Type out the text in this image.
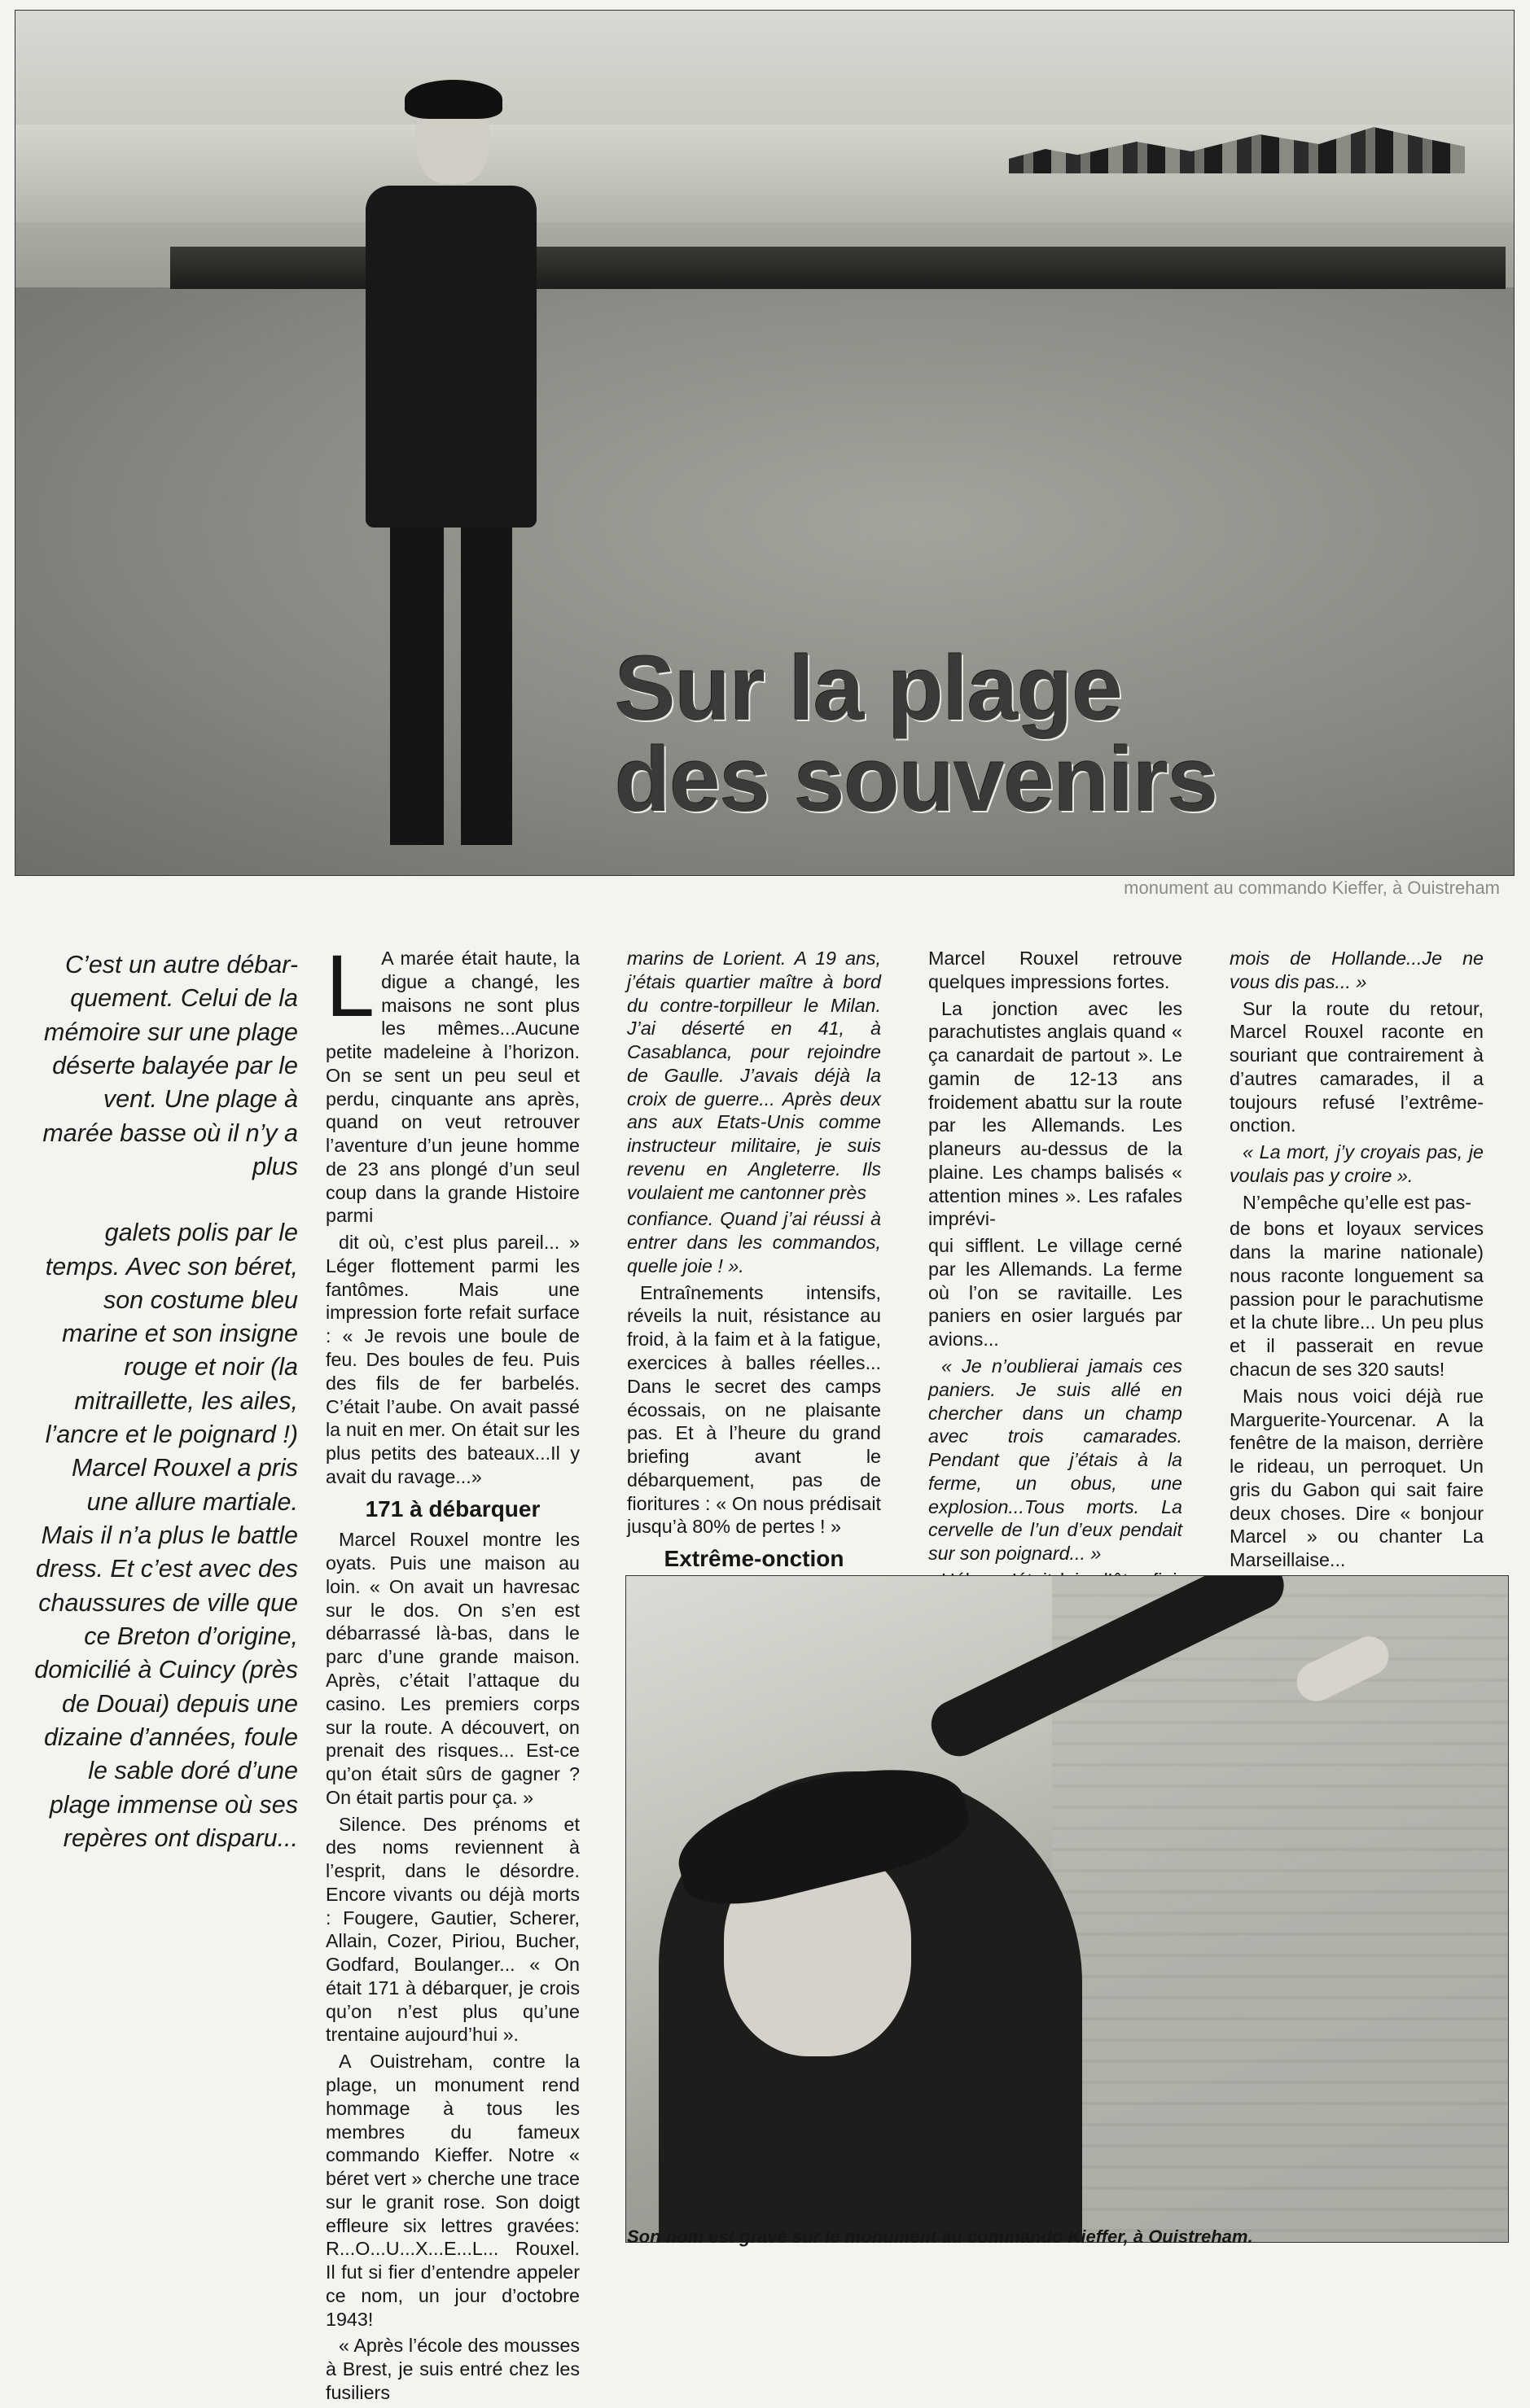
Sur la plage
des souvenirs
monument au commando Kieffer, à Ouistreham

C’est un autre débar-quement. Celui de la mémoire sur une plage déserte balayée par le vent. Une plage à marée basse où il n’y a plus

galets polis par le temps. Avec son béret, son costume bleu marine et son insigne rouge et noir (la mitraillette, les ailes, l’ancre et le poignard !) Marcel Rouxel a pris une allure martiale. Mais il n’a plus le battle dress. Et c’est avec des chaussures de ville que ce Breton d’origine, domicilié à Cuincy (près de Douai) depuis une dizaine d’années, foule le sable doré d’une plage immense où ses repères ont disparu...

L A marée était haute, la digue a changé, les maisons ne sont plus les mêmes...Aucune petite madeleine à l’horizon. On se sent un peu seul et perdu, cinquante ans après, quand on veut retrouver l’aventure d’un jeune homme de 23 ans plongé d’un seul coup dans la grande Histoire parmi

dit où, c’est plus pareil... » Léger flottement parmi les fantômes. Mais une impression forte refait surface : « Je revois une boule de feu. Des boules de feu. Puis des fils de fer barbelés. C’était l’aube. On avait passé la nuit en mer. On était sur les plus petits des bateaux...Il y avait du ravage...»

171 à débarquer

Marcel Rouxel montre les oyats. Puis une maison au loin. « On avait un havresac sur le dos. On s’en est débarrassé là-bas, dans le parc d’une grande maison. Après, c’était l’attaque du casino. Les premiers corps sur la route. A découvert, on prenait des risques... Est-ce qu’on était sûrs de gagner ? On était partis pour ça. »

Silence. Des prénoms et des noms reviennent à l’esprit, dans le désordre. Encore vivants ou déjà morts : Fougere, Gautier, Scherer, Allain, Cozer, Piriou, Bucher, Godfard, Boulanger... « On était 171 à débarquer, je crois qu’on n’est plus qu’une trentaine aujourd’hui ».

A Ouistreham, contre la plage, un monument rend hommage à tous les membres du fameux commando Kieffer. Notre « béret vert » cherche une trace sur le granit rose. Son doigt effleure six lettres gravées: R...O...U...X...E...L... Rouxel. Il fut si fier d’entendre appeler ce nom, un jour d’octobre 1943!

« Après l’école des mousses à Brest, je suis entré chez les fusiliers

marins de Lorient. A 19 ans, j’étais quartier maître à bord du contre-torpilleur le Milan. J’ai déserté en 41, à Casablanca, pour rejoindre de Gaulle. J’avais déjà la croix de guerre... Après deux ans aux Etats-Unis comme instructeur militaire, je suis revenu en Angleterre. Ils voulaient me cantonner près

confiance. Quand j’ai réussi à entrer dans les commandos, quelle joie ! ».

Entraînements intensifs, réveils la nuit, résistance au froid, à la faim et à la fatigue, exercices à balles réelles... Dans le secret des camps écossais, on ne plaisante pas. Et à l’heure du grand briefing avant le débarquement, pas de fioritures : « On nous prédisait jusqu’à 80% de pertes ! »

Extrême-onction

Marcel Rouxel retrouve quelques impressions fortes.

La jonction avec les parachutistes anglais quand « ça canardait de partout ». Le gamin de 12-13 ans froidement abattu sur la route par les Allemands. Les planeurs au-dessus de la plaine. Les champs balisés « attention mines ». Les rafales imprévi-

qui sifflent. Le village cerné par les Allemands. La ferme où l’on se ravitaille. Les paniers en osier largués par avions...

« Je n’oublierai jamais ces paniers. Je suis allé en chercher dans un champ avec trois camarades. Pendant que j’étais à la ferme, un obus, une explosion...Tous morts. La cervelle de l’un d’eux pendait sur son poignard... »

mois de Hollande...Je ne vous dis pas... »

Sur la route du retour, Marcel Rouxel raconte en souriant que contrairement à d’autres camarades, il a toujours refusé l’extrême-onction.

« La mort, j’y croyais pas, je voulais pas y croire ».

N’empêche qu’elle est pas-

de bons et loyaux services dans la marine nationale) nous raconte longuement sa passion pour le parachutisme et la chute libre... Un peu plus et il passerait en revue chacun de ses 320 sauts!

Mais nous voici déjà rue Marguerite-Yourcenar. A la fenêtre de la maison, derrière le rideau, un perroquet. Un gris du Gabon qui sait faire deux choses. Dire « bonjour Marcel » ou chanter La Marseillaise...

Son nom est gravé sur le monument au commando Kieffer, à Ouistreham.
